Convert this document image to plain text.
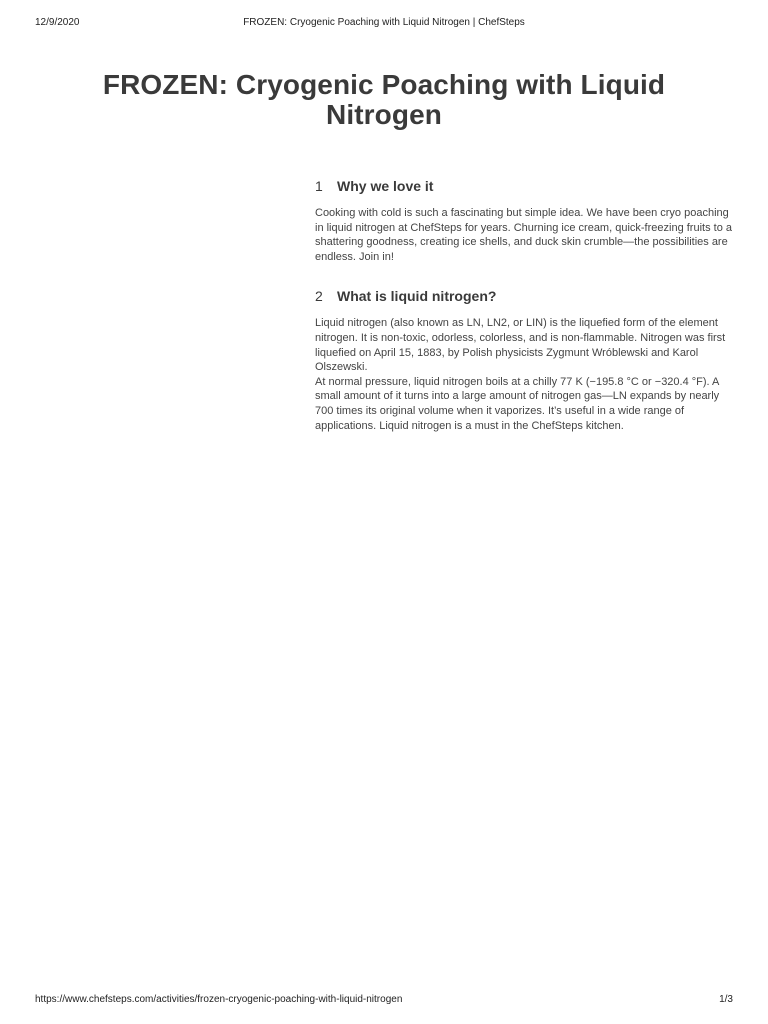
12/9/2020	FROZEN: Cryogenic Poaching with Liquid Nitrogen | ChefSteps
FROZEN: Cryogenic Poaching with Liquid Nitrogen
1	Why we love it

Cooking with cold is such a fascinating but simple idea. We have been cryo poaching in liquid nitrogen at ChefSteps for years. Churning ice cream, quick-freezing fruits to a shattering goodness, creating ice shells, and duck skin crumble—the possibilities are endless. Join in!

2	What is liquid nitrogen?

Liquid nitrogen (also known as LN, LN2, or LIN) is the liquefied form of the element nitrogen. It is non-toxic, odorless, colorless, and is non-flammable. Nitrogen was first liquefied on April 15, 1883, by Polish physicists Zygmunt Wróblewski and Karol Olszewski.

At normal pressure, liquid nitrogen boils at a chilly 77 K (−195.8 °C or −320.4 °F). A small amount of it turns into a large amount of nitrogen gas—LN expands by nearly 700 times its original volume when it vaporizes. It’s useful in a wide range of applications. Liquid nitrogen is a must in the ChefSteps kitchen.

https://www.chefsteps.com/activities/frozen-cryogenic-poaching-with-liquid-nitrogen	1/3
